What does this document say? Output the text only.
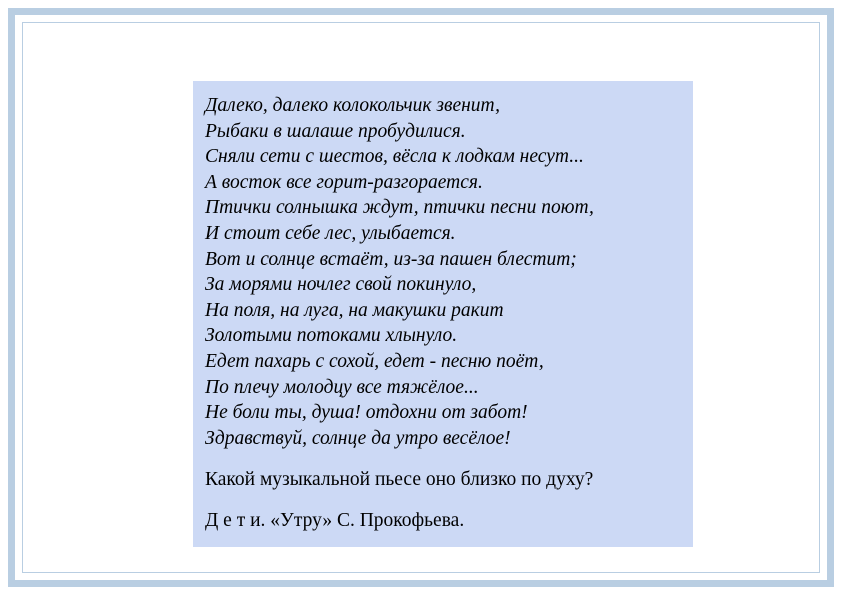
Далеко, далеко колокольчик звенит,
Рыбаки в шалаше пробудилися.
Сняли сети с шестов, вёсла к лодкам несут...
А восток все горит-разгорается.
Птички солнышка ждут, птички песни поют,
И стоит себе лес, улыбается.
Вот и солнце встаёт, из-за пашен блестит;
За морями ночлег свой покинуло,
На поля, на луга, на макушки ракит
Золотыми потоками хлынуло.
Едет пахарь с сохой, едет - песню поёт,
По плечу молодцу все тяжёлое...
Не боли ты, душа! отдохни от забот!
Здравствуй, солнце да утро весёлое!
Какой музыкальной пьесе оно близко по духу?
Д е т и. «Утру» С. Прокофьева.
